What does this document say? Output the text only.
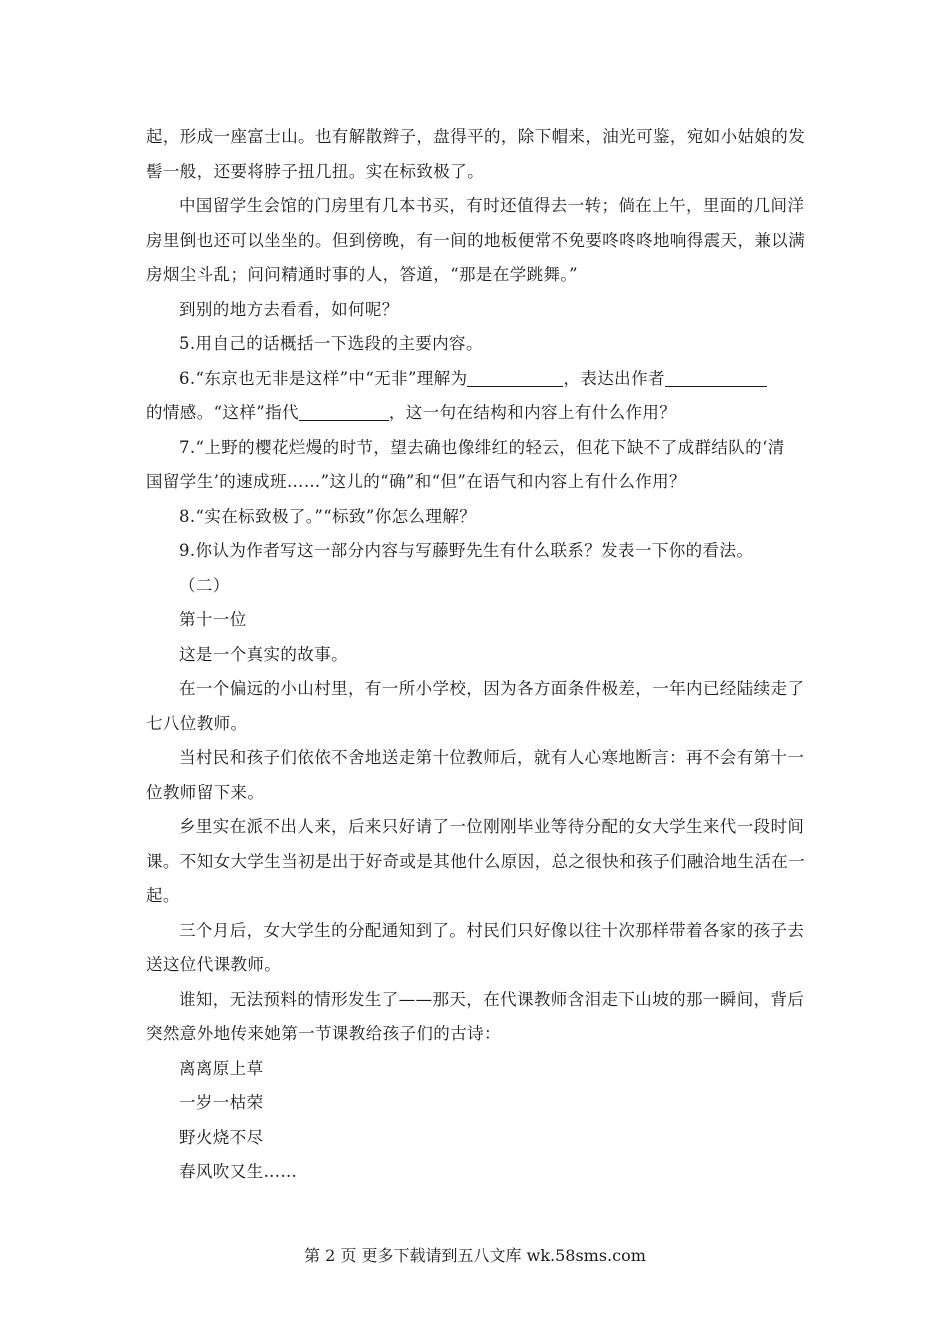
起，形成一座富士山。也有解散辫子，盘得平的，除下帽来，油光可鉴，宛如小姑娘的发
髻一般，还要将脖子扭几扭。实在标致极了。
中国留学生会馆的门房里有几本书买，有时还值得去一转；倘在上午，里面的几间洋
房里倒也还可以坐坐的。但到傍晚，有一间的地板便常不免要咚咚咚地响得震天，兼以满
房烟尘斗乱；问问精通时事的人，答道，“那是在学跳舞。”
到别的地方去看看，如何呢？
5.用自己的话概括一下选段的主要内容。
6.“东京也无非是这样”中“无非”理解为	，表达出作者
的情感。“这样”指代	，这一句在结构和内容上有什么作用？
7.“上野的樱花烂熳的时节，望去确也像绯红的轻云，但花下缺不了成群结队的‘清
国留学生’的速成班……”这儿的“确”和“但”在语气和内容上有什么作用？
8.“实在标致极了。”“标致”你怎么理解？
9.你认为作者写这一部分内容与写藤野先生有什么联系？发表一下你的看法。
（二）
第十一位
这是一个真实的故事。
在一个偏远的小山村里，有一所小学校，因为各方面条件极差，一年内已经陆续走了
七八位教师。
当村民和孩子们依依不舍地送走第十位教师后，就有人心寒地断言：再不会有第十一
位教师留下来。
乡里实在派不出人来，后来只好请了一位刚刚毕业等待分配的女大学生来代一段时间
课。不知女大学生当初是出于好奇或是其他什么原因，总之很快和孩子们融洽地生活在一
起。
三个月后，女大学生的分配通知到了。村民们只好像以往十次那样带着各家的孩子去
送这位代课教师。
谁知，无法预料的情形发生了——那天，在代课教师含泪走下山坡的那一瞬间，背后
突然意外地传来她第一节课教给孩子们的古诗：
离离原上草
一岁一枯荣
野火烧不尽
春风吹又生……
第 2 页 更多下载请到五八文库 wk.58sms.com
